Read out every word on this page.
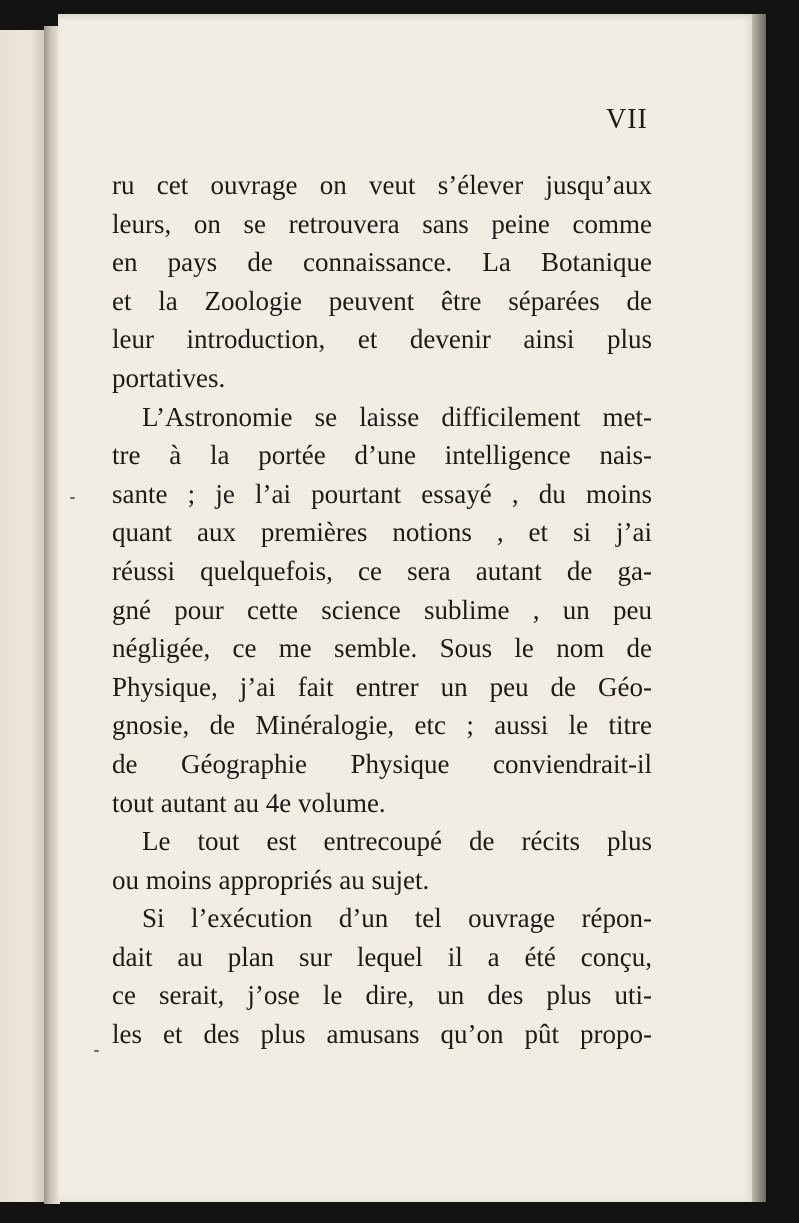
VII
ru cet ouvrage on veut s’élever jusqu’aux
leurs, on se retrouvera sans peine comme
en pays de connaissance. La Botanique
et la Zoologie peuvent être séparées de
leur introduction, et devenir ainsi plus
portatives.
L’Astronomie se laisse difficilement met-
tre à la portée d’une intelligence nais-
sante ; je l’ai pourtant essayé , du moins
quant aux premières notions , et si j’ai
réussi quelquefois, ce sera autant de ga-
gné pour cette science sublime , un peu
négligée, ce me semble. Sous le nom de
Physique, j’ai fait entrer un peu de Géo-
gnosie, de Minéralogie, etc ; aussi le titre
de Géographie Physique conviendrait-il
tout autant au 4e volume.
Le tout est entrecoupé de récits plus
ou moins appropriés au sujet.
Si l’exécution d’un tel ouvrage répon-
dait au plan sur lequel il a été conçu,
ce serait, j’ose le dire, un des plus uti-
les et des plus amusans qu’on pût propo-
